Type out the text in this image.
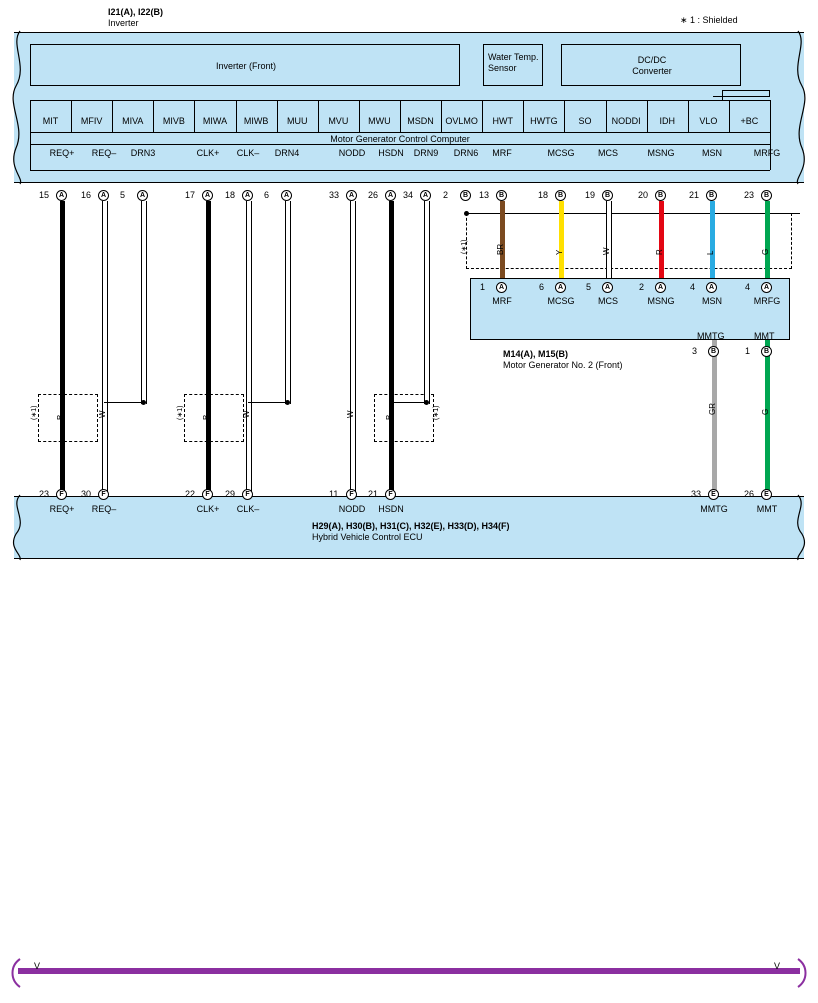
I21(A), I22(B)
Inverter	∗ 1 : Shielded
Inverter (Front)
Water Temp.
Sensor
DC/DC
Converter
Motor Generator Control Computer
MIT	MFIV	MIVA	MIVB	MIWA	MIWB	MUU	MVU	MWU	MSDN	OVLMO	HWT	HWTG	SO	NODDI	IDH	VLO	+BC
REQ+	REQ–	DRN3	CLK+	CLK–	DRN4	NODD	HSDN	DRN9	DRN6	MRF	MCSG	MCS	MSNG	MSN	MRFG
15	A	16	A	5	A	17	A	18	A	6	A	33	A	26	A	34	A	2	B	13	B	18	B	19	B	20	B	21	B	23	B
B
(∗1)	W	B
(∗1)	W	W	B	(∗1)
(∗1)	BR	Y	W	R	L	G
GR	G
1	A
MRF
6	A
MCSG
5	A
MCS
2	A
MSNG
4	A
MSN
4	A
MRFG
3	B	1	B
M14(A), M15(B)
Motor Generator No. 2 (Front)
MMTG	MMT
23	F
REQ+
30	F
REQ–
22	F
CLK+
29	F
CLK–
11	F
NODD
21	F
HSDN
33	E
MMTG
26	E
MMT
H29(A), H30(B), H31(C), H32(E), H33(D), H34(F)
Hybrid Vehicle Control ECU
V	V
